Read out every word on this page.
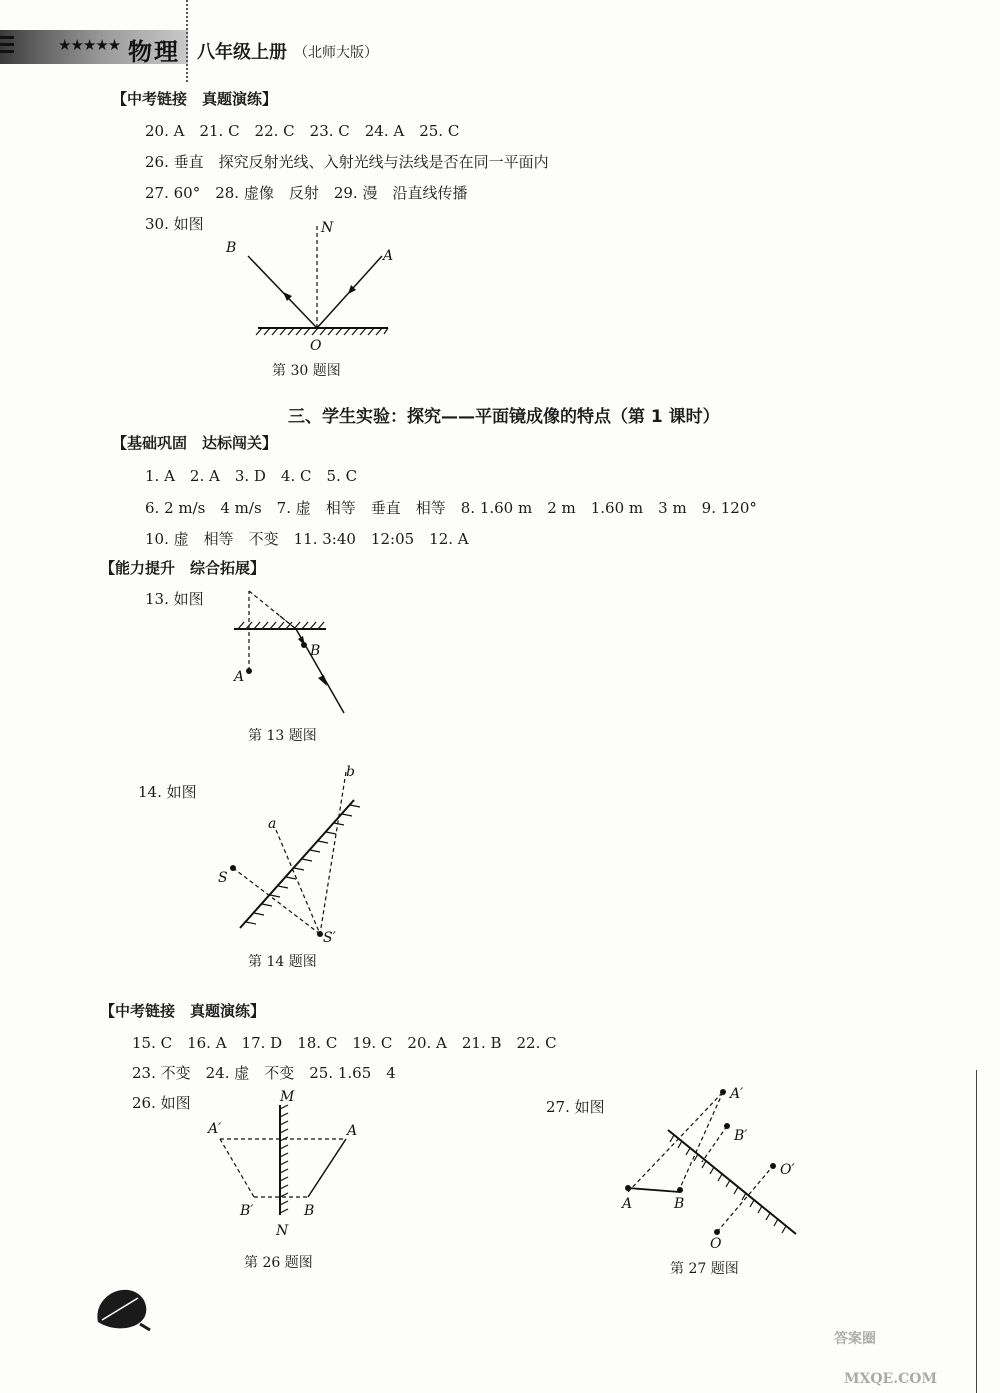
★★★★★ 物理 八年级上册 （北师大版）
【中考链接　真题演练】
20. A　21. C　22. C　23. C　24. A　25. C
26. 垂直　探究反射光线、入射光线与法线是否在同一平面内
27. 60°　28. 虚像　反射　29. 漫　沿直线传播
30. 如图	N
A
B
O
第 30 题图
三、学生实验：探究——平面镜成像的特点（第 1 课时）
【基础巩固　达标闯关】
1. A　2. A　3. D　4. C　5. C
6. 2 m/s　4 m/s　7. 虚　相等　垂直　相等　8. 1.60 m　2 m　1.60 m　3 m　9. 120°
10. 虚　相等　不变　11. 3:40　12:05　12. A
【能力提升　综合拓展】
13. 如图
A
B
第 13 题图
14. 如图
a
b
S
S′
第 14 题图
【中考链接　真题演练】
15. C　16. A　17. D　18. C　19. C　20. A　21. B　22. C
23. 不变　24. 虚　不变　25. 1.65　4
26. 如图	M
N
A
A′
B
B′
第 26 题图
27. 如图
A′
B′
A	B
O′
O
第 27 题图
答案圈
MXQE.COM
